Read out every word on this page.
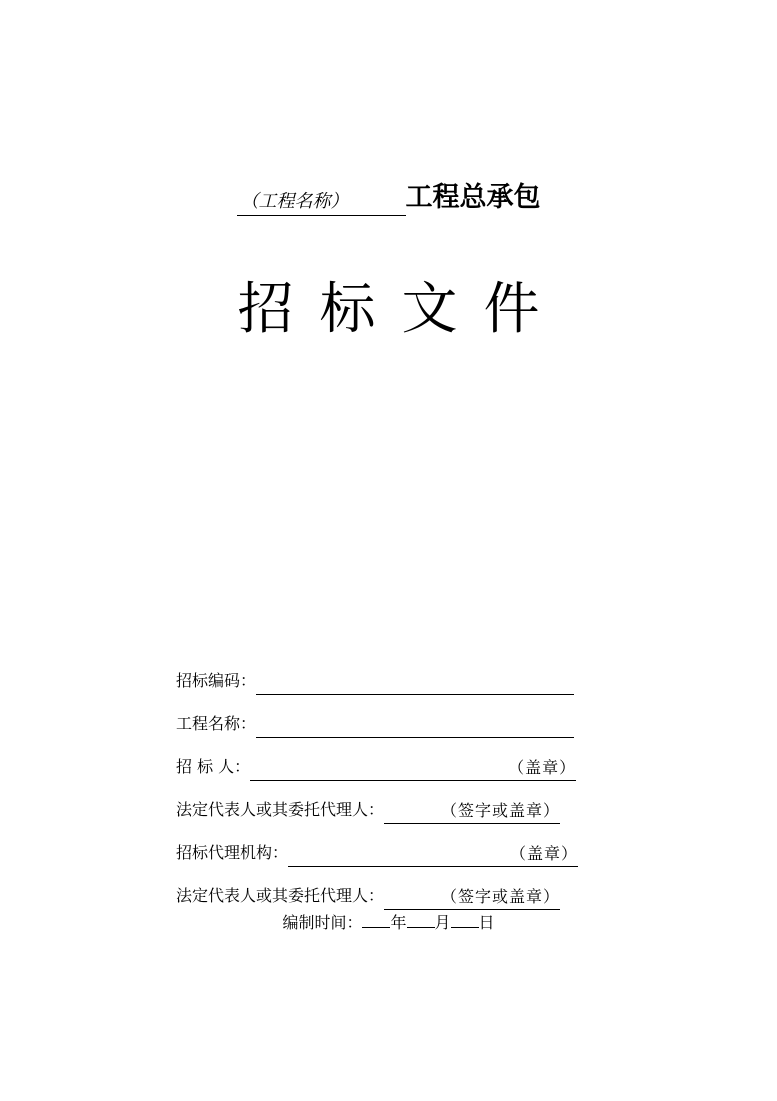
（工程名称） 工程总承包
招标文件
招标编码：
工程名称：
招 标 人：	（盖章）
法定代表人或其委托代理人：	（签字或盖章）
招标代理机构：	（盖章）
法定代表人或其委托代理人：	（签字或盖章）
编制时间： 年 月 日
